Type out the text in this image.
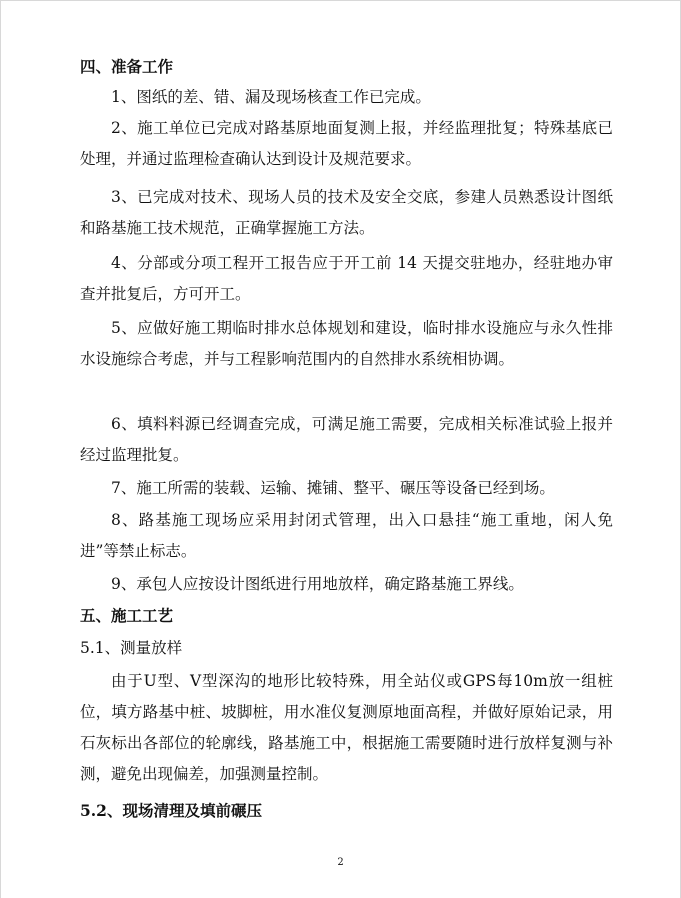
四、准备工作

1、图纸的差、错、漏及现场核查工作已完成。

2、施工单位已完成对路基原地面复测上报，并经监理批复；特殊基底已处理，并通过监理检查确认达到设计及规范要求。

3、已完成对技术、现场人员的技术及安全交底，参建人员熟悉设计图纸和路基施工技术规范，正确掌握施工方法。

4、分部或分项工程开工报告应于开工前 14 天提交驻地办，经驻地办审查并批复后，方可开工。

5、应做好施工期临时排水总体规划和建设，临时排水设施应与永久性排水设施综合考虑，并与工程影响范围内的自然排水系统相协调。

6、填料料源已经调查完成，可满足施工需要，完成相关标准试验上报并经过监理批复。

7、施工所需的装载、运输、摊铺、整平、碾压等设备已经到场。

8、路基施工现场应采用封闭式管理，出入口悬挂“施工重地，闲人免进”等禁止标志。

9、承包人应按设计图纸进行用地放样，确定路基施工界线。

五、施工工艺
5.1、测量放样

由于U型、V型深沟的地形比较特殊，用全站仪或GPS每10m放一组桩位，填方路基中桩、坡脚桩，用水准仪复测原地面高程，并做好原始记录，用石灰标出各部位的轮廓线，路基施工中，根据施工需要随时进行放样复测与补测，避免出现偏差，加强测量控制。

5.2、现场清理及填前碾压
2
